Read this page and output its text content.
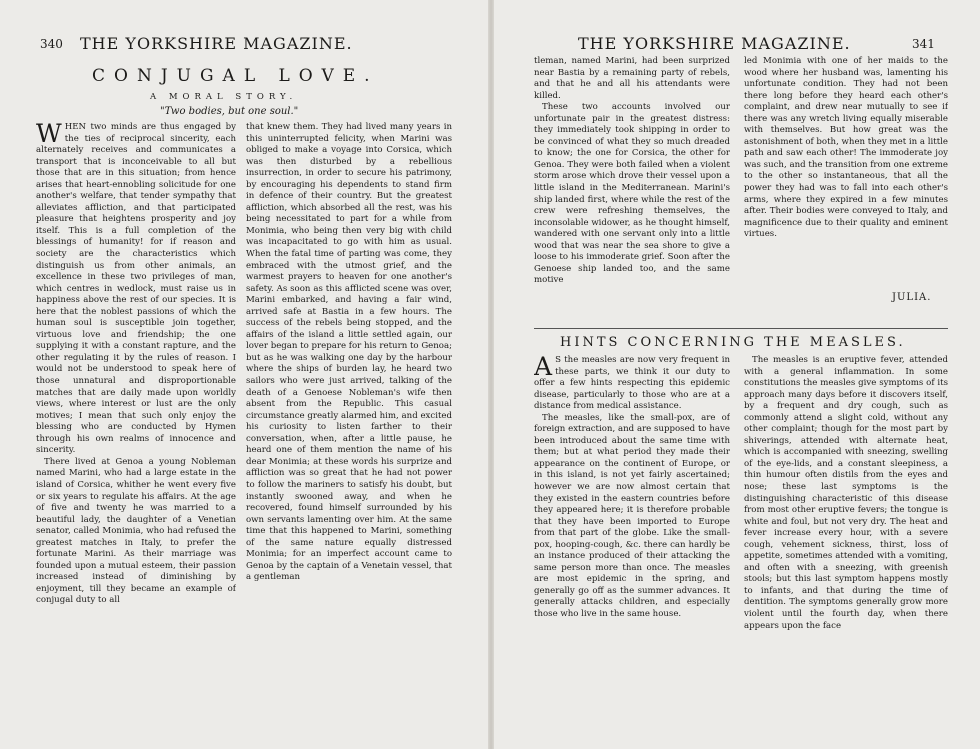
340 THE YORKSHIRE MAGAZINE.
CONJUGAL LOVE.
A MORAL STORY.
"Two bodies, but one soul."

WHEN two minds are thus engaged by the ties of reciprocal sincerity, each alternately receives and communicates a transport that is inconceivable to all but those that are in this situation; from hence arises that heart-ennobling solicitude for one another's welfare, that tender sympathy that alleviates affliction, and that participated pleasure that heightens prosperity and joy itself. This is a full completion of the blessings of humanity! for if reason and society are the characteristics which distinguish us from other animals, an excellence in these two privileges of man, which centres in wedlock, must raise us in happiness above the rest of our species. It is here that the noblest passions of which the human soul is susceptible join together, virtuous love and friendship; the one supplying it with a constant rapture, and the other regulating it by the rules of reason. I would not be understood to speak here of those unnatural and disproportionable matches that are daily made upon worldly views, where interest or lust are the only motives; I mean that such only enjoy the blessing who are conducted by Hymen through his own realms of innocence and sincerity.

There lived at Genoa a young Nobleman named Marini, who had a large estate in the island of Corsica, whither he went every five or six years to regulate his affairs. At the age of five and twenty he was married to a beautiful lady, the daughter of a Venetian senator, called Monimia, who had refused the greatest matches in Italy, to prefer the fortunate Marini. As their marriage was founded upon a mutual esteem, their passion increased instead of diminishing by enjoyment, till they became an example of conjugal duty to all

that knew them. They had lived many years in this uninterrupted felicity, when Marini was obliged to make a voyage into Corsica, which was then disturbed by a rebellious insurrection, in order to secure his patrimony, by encouraging his dependents to stand firm in defence of their country. But the greatest affliction, which absorbed all the rest, was his being necessitated to part for a while from Monimia, who being then very big with child was incapacitated to go with him as usual. When the fatal time of parting was come, they embraced with the utmost grief, and the warmest prayers to heaven for one another's safety. As soon as this afflicted scene was over, Marini embarked, and having a fair wind, arrived safe at Bastia in a few hours. The success of the rebels being stopped, and the affairs of the island a little settled again, our lover began to prepare for his return to Genoa; but as he was walking one day by the harbour where the ships of burden lay, he heard two sailors who were just arrived, talking of the death of a Genoese Nobleman's wife then absent from the Republic. This casual circumstance greatly alarmed him, and excited his curiosity to listen farther to their conversation, when, after a little pause, he heard one of them mention the name of his dear Monimia; at these words his surprize and affliction was so great that he had not power to follow the mariners to satisfy his doubt, but instantly swooned away, and when he recovered, found himself surrounded by his own servants lamenting over him. At the same time that this happened to Marini, something of the same nature equally distressed Monimia; for an imperfect account came to Genoa by the captain of a Venetain vessel, that a gentleman

THE YORKSHIRE MAGAZINE.	341

tleman, named Marini, had been surprized near Bastia by a remaining party of rebels, and that he and all his attendants were killed.

These two accounts involved our unfortunate pair in the greatest distress: they immediately took shipping in order to be convinced of what they so much dreaded to know; the one for Corsica, the other for Genoa. They were both failed when a violent storm arose which drove their vessel upon a little island in the Mediterranean. Marini's ship landed first, where while the rest of the crew were refreshing themselves, the inconsolable widower, as he thought himself, wandered with one servant only into a little wood that was near the sea shore to give a loose to his immoderate grief. Soon after the Genoese ship landed too, and the same motive

led Monimia with one of her maids to the wood where her husband was, lamenting his unfortunate condition. They had not been there long before they heard each other's complaint, and drew near mutually to see if there was any wretch living equally miserable with themselves. But how great was the astonishment of both, when they met in a little path and saw each other! The immoderate joy was such, and the transition from one extreme to the other so instantaneous, that all the power they had was to fall into each other's arms, where they expired in a few minutes after. Their bodies were conveyed to Italy, and magnificence due to their quality and eminent virtues.

JULIA.
HINTS CONCERNING THE MEASLES.

A S the measles are now very frequent in these parts, we think it our duty to offer a few hints respecting this epidemic disease, particularly to those who are at a distance from medical assistance.

The measles, like the small-pox, are of foreign extraction, and are supposed to have been introduced about the same time with them; but at what period they made their appearance on the continent of Europe, or in this island, is not yet fairly ascertained; however we are now almost certain that they existed in the eastern countries before they appeared here; it is therefore probable that they have been imported to Europe from that part of the globe. Like the small-pox, hooping-cough, &c. there can hardly be an instance produced of their attacking the same person more than once. The measles are most epidemic in the spring, and generally go off as the summer advances. It generally attacks children, and especially those who live in the same house.

The measles is an eruptive fever, attended with a general inflammation. In some constitutions the measles give symptoms of its approach many days before it discovers itself, by a frequent and dry cough, such as commonly attend a slight cold, without any other complaint; though for the most part by shiverings, attended with alternate heat, which is accompanied with sneezing, swelling of the eye-lids, and a constant sleepiness, a thin humour often distils from the eyes and nose; these last symptoms is the distinguishing characteristic of this disease from most other eruptive fevers; the tongue is white and foul, but not very dry. The heat and fever increase every hour, with a severe cough, vehement sickness, thirst, loss of appetite, sometimes attended with a vomiting, and often with a sneezing, with greenish stools; but this last symptom happens mostly to infants, and that during the time of dentition. The symptoms generally grow more violent until the fourth day, when there appears upon the face
